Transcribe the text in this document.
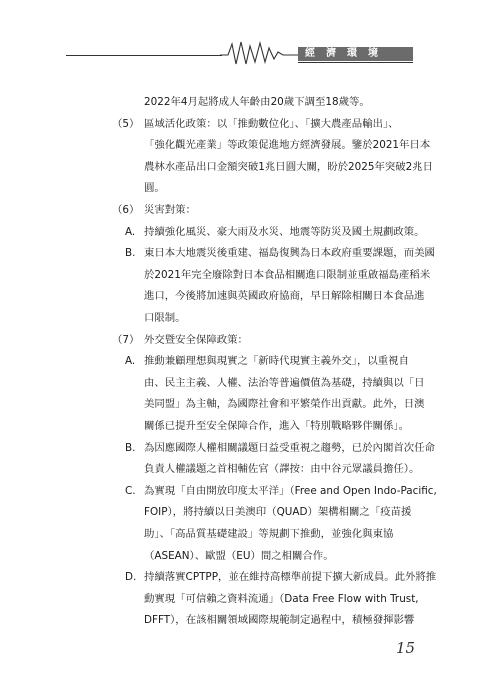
經濟環境
2022年4月起將成人年齡由20歲下調至18歲等。
（5） 區域活化政策：以「推動數位化」、「擴大農產品輸出」、
「強化觀光產業」等政策促進地方經濟發展。鑒於2021年日本
農林水產品出口金額突破1兆日圓大關，盼於2025年突破2兆日
圓。
（6） 災害對策：
A. 持續強化風災、豪大雨及水災、地震等防災及國土規劃政策。
B. 東日本大地震災後重建、福島復興為日本政府重要課題，而美國
於2021年完全廢除對日本食品相關進口限制並重啟福島產稻米
進口，今後將加速與英國政府協商，早日解除相關日本食品進
口限制。
（7） 外交暨安全保障政策：
A. 推動兼顧理想與現實之「新時代現實主義外交」，以重視自
由、民主主義、人權、法治等普遍價值為基礎，持續與以「日
美同盟」為主軸，為國際社會和平繁榮作出貢獻。此外，日澳
關係已提升至安全保障合作，進入「特別戰略夥伴關係」。
B. 為因應國際人權相關議題日益受重視之趨勢，已於內閣首次任命
負責人權議題之首相輔佐官（譯按：由中谷元眾議員擔任）。
C. 為實現「自由開放印度太平洋」（Free and Open Indo-Pacific,
FOIP），將持續以日美澳印（QUAD）架構相關之「疫苗援
助」、「高品質基礎建設」等規劃下推動，並強化與東協
（ASEAN）、歐盟（EU）間之相關合作。
D. 持續落實CPTPP，並在維持高標準前提下擴大新成員。此外將推
動實現「可信賴之資料流通」（Data Free Flow with Trust,
DFFT），在該相關領域國際規範制定過程中，積極發揮影響
15
